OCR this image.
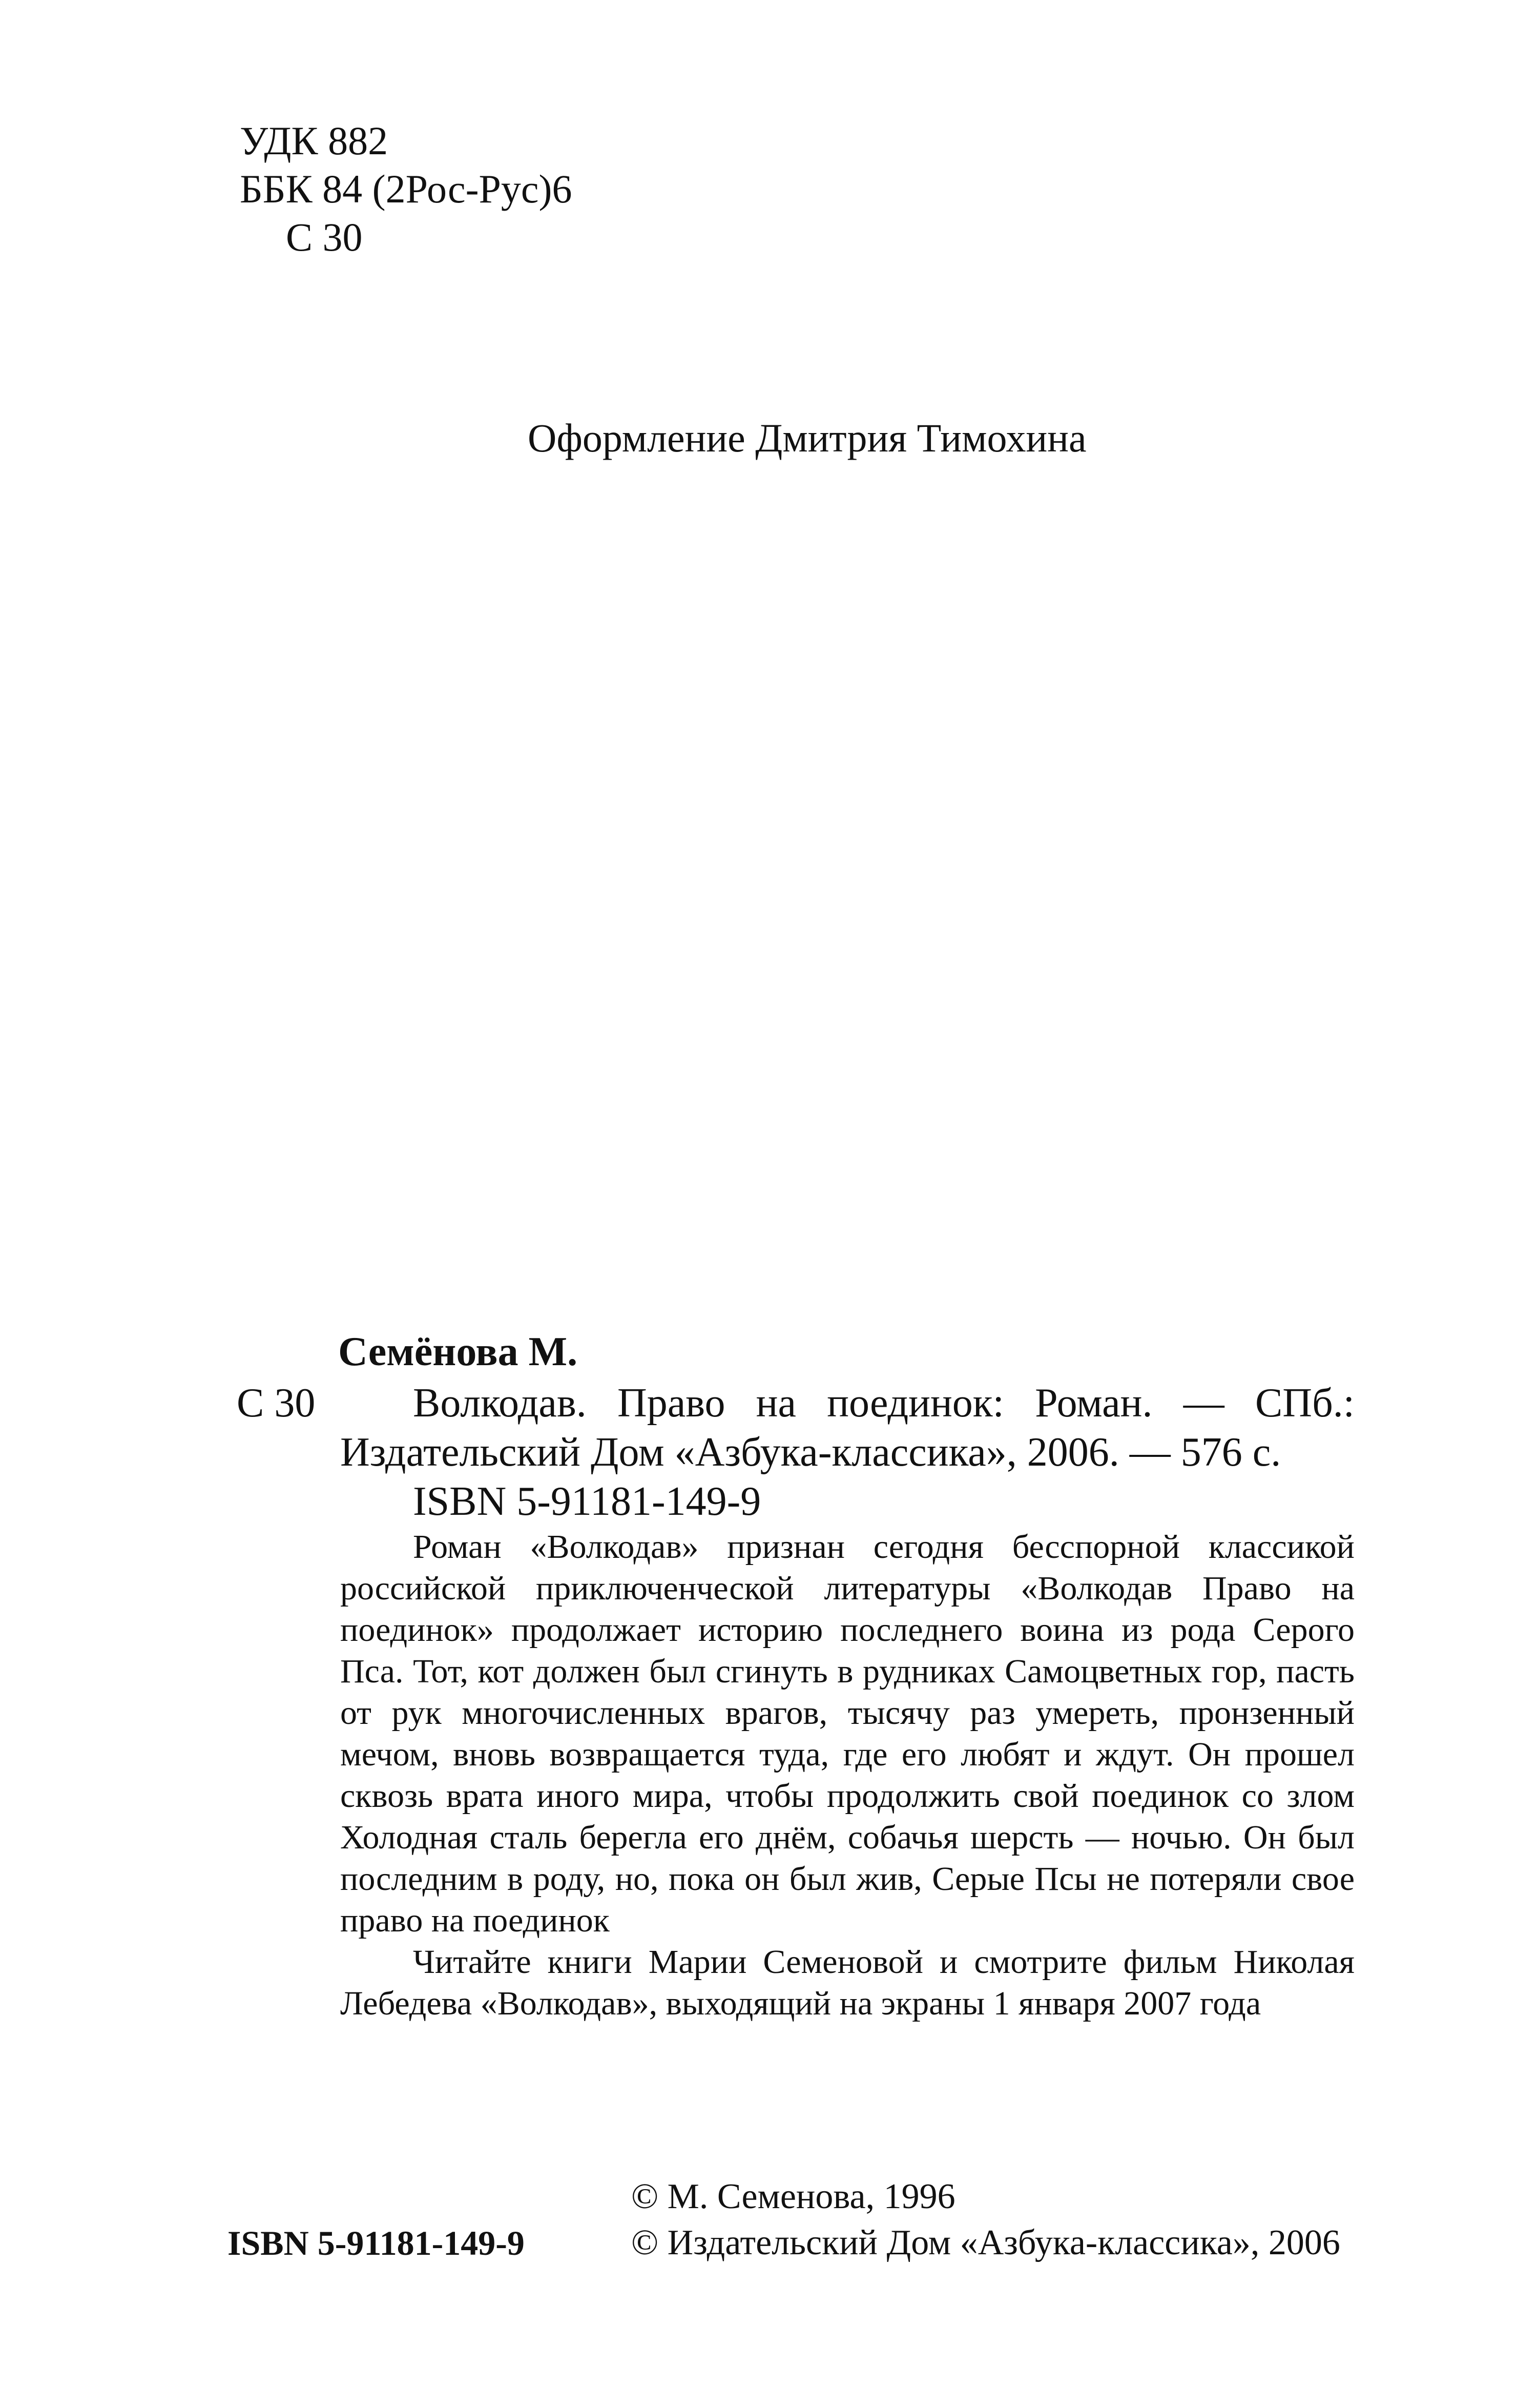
УДК 882
ББК 84 (2Рос-Рус)6
С 30
Оформление Дмитрия Тимохина
Семёнова М.
С 30	Волкодав. Право на поединок: Роман. — СПб.: Издательский Дом «Азбука-классика», 2006. — 576 с.
ISBN 5-91181-149-9

Роман «Волкодав» признан сегодня бесспорной классикой российской приключенческой литературы «Волкодав Право на поединок» продолжает историю последнего воина из рода Серого Пса. Тот, кот должен был сгинуть в рудниках Самоцветных гор, пасть от рук многочисленных врагов, тысячу раз умереть, пронзенный мечом, вновь возвращается туда, где его любят и ждут. Он прошел сквозь врата иного мира, чтобы продолжить свой поединок со злом Холодная сталь берегла его днём, собачья шерсть — ночью. Он был последним в роду, но, пока он был жив, Серые Псы не потеряли свое право на поединок

Читайте книги Марии Семеновой и смотрите фильм Николая Лебедева «Волкодав», выходящий на экраны 1 января 2007 года

© М. Семенова, 1996
© Издательский Дом «Азбука-классика», 2006
ISBN 5-91181-149-9
